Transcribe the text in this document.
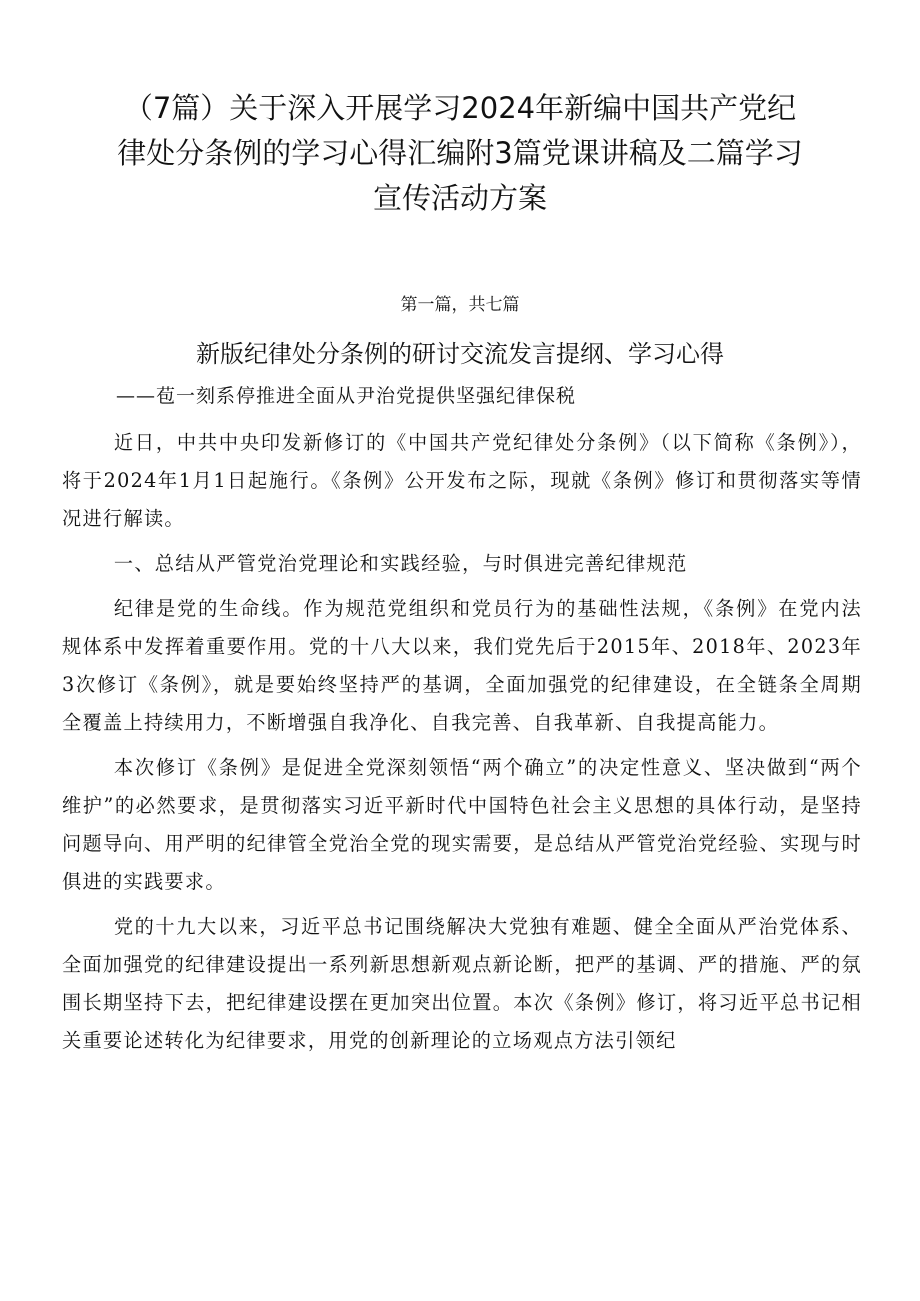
（7篇）关于深入开展学习2024年新编中国共产党纪
律处分条例的学习心得汇编附3篇党课讲稿及二篇学习
宣传活动方案
第一篇，共七篇
新版纪律处分条例的研讨交流发言提纲、学习心得
——苞一刻系停推进全面从尹治党提供坚强纪律保税

近日，中共中央印发新修订的《中国共产党纪律处分条例》（以下简称《条例》），将于2024年1月1日起施行。《条例》公开发布之际，现就《条例》修订和贯彻落实等情况进行解读。

一、总结从严管党治党理论和实践经验，与时俱进完善纪律规范

纪律是党的生命线。作为规范党组织和党员行为的基础性法规，《条例》在党内法规体系中发挥着重要作用。党的十八大以来，我们党先后于2015年、2018年、2023年3次修订《条例》，就是要始终坚持严的基调，全面加强党的纪律建设，在全链条全周期全覆盖上持续用力，不断增强自我净化、自我完善、自我革新、自我提高能力。

本次修订《条例》是促进全党深刻领悟“两个确立”的决定性意义、坚决做到“两个维护”的必然要求，是贯彻落实习近平新时代中国特色社会主义思想的具体行动，是坚持问题导向、用严明的纪律管全党治全党的现实需要，是总结从严管党治党经验、实现与时俱进的实践要求。

党的十九大以来，习近平总书记围绕解决大党独有难题、健全全面从严治党体系、全面加强党的纪律建设提出一系列新思想新观点新论断，把严的基调、严的措施、严的氛围长期坚持下去，把纪律建设摆在更加突出位置。本次《条例》修订，将习近平总书记相关重要论述转化为纪律要求，用党的创新理论的立场观点方法引领纪
